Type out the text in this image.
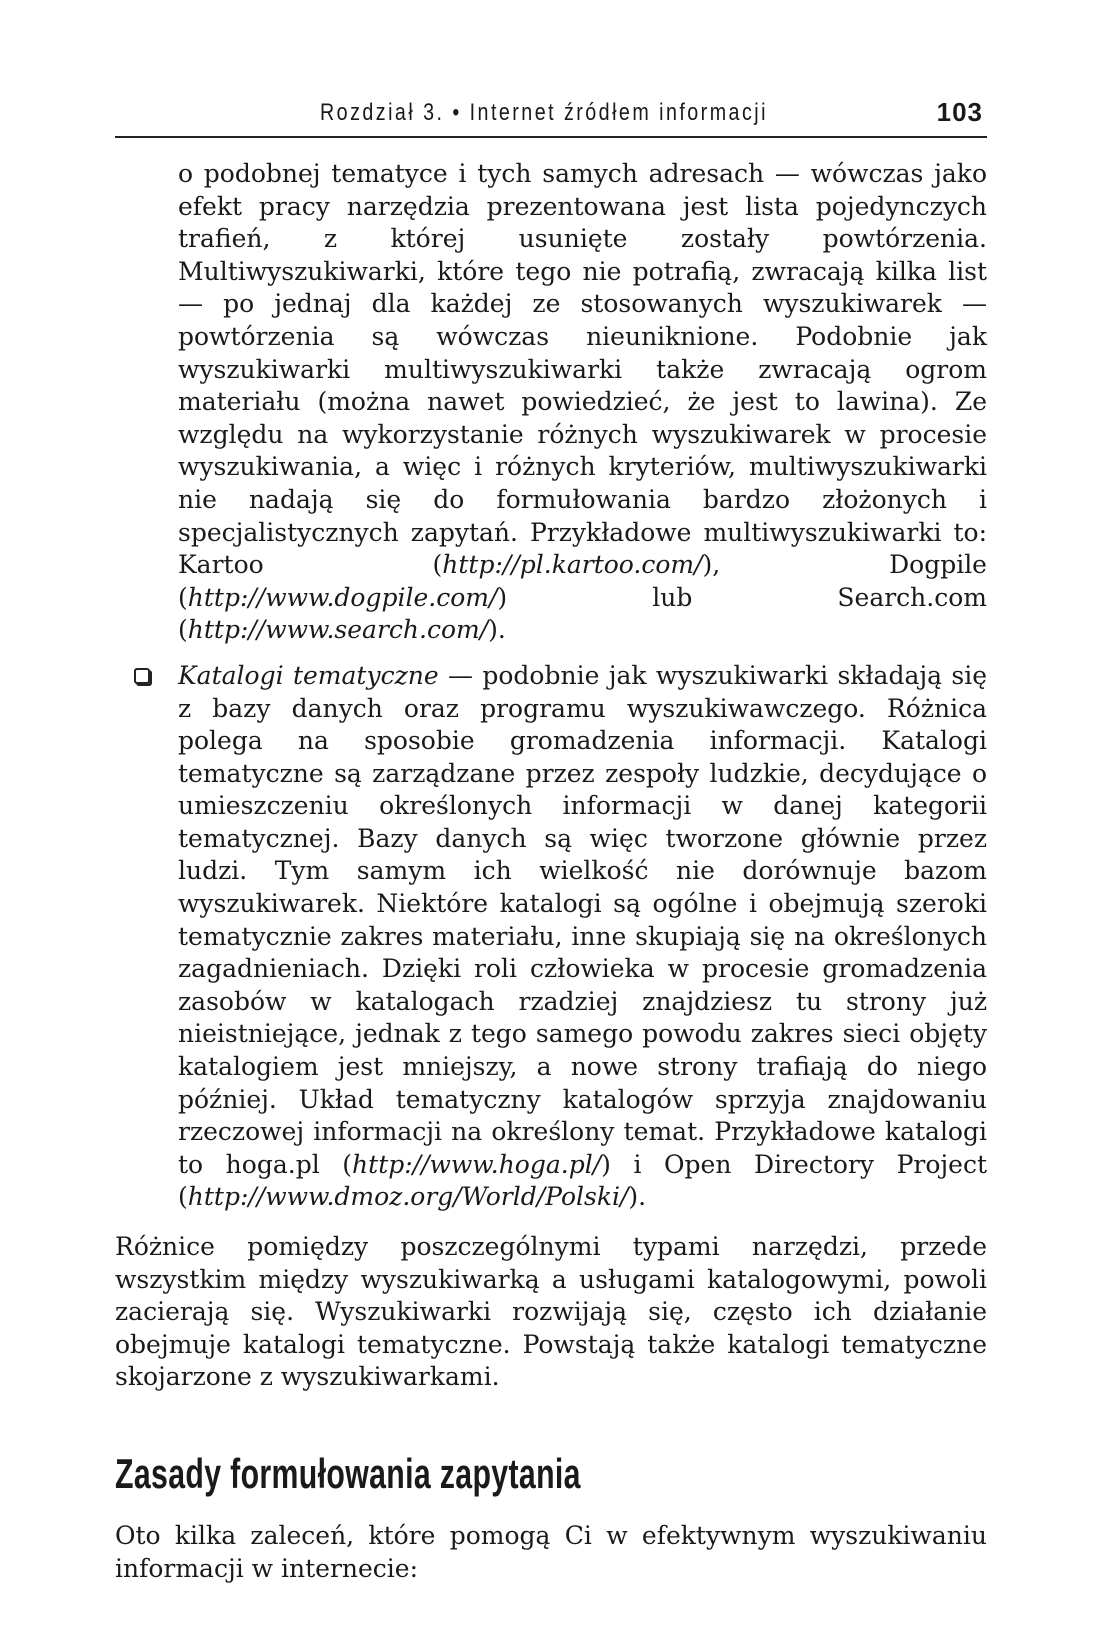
Rozdział 3. • Internet źródłem informacji	103

o podobnej tematyce i tych samych adresach — wówczas jako efekt pracy narzędzia prezentowana jest lista pojedynczych trafień, z której usunięte zostały powtórzenia. Multiwyszukiwarki, które tego nie potrafią, zwracają kilka list — po jednaj dla każdej ze stosowanych wyszukiwarek — powtórzenia są wówczas nieuniknione. Podobnie jak wyszukiwarki multiwyszukiwarki także zwracają ogrom materiału (można nawet powiedzieć, że jest to lawina). Ze względu na wykorzystanie różnych wyszukiwarek w procesie wyszukiwania, a więc i różnych kryteriów, multiwyszukiwarki nie nadają się do formułowania bardzo złożonych i specjalistycznych zapytań. Przykładowe multiwyszukiwarki to: Kartoo (http://pl.kartoo.com/), Dogpile (http://www.dogpile.com/) lub Search.com (http://www.search.com/).

Katalogi tematyczne — podobnie jak wyszukiwarki składają się z bazy danych oraz programu wyszukiwawczego. Różnica polega na sposobie gromadzenia informacji. Katalogi tematyczne są zarządzane przez zespoły ludzkie, decydujące o umieszczeniu określonych informacji w danej kategorii tematycznej. Bazy danych są więc tworzone głównie przez ludzi. Tym samym ich wielkość nie dorównuje bazom wyszukiwarek. Niektóre katalogi są ogólne i obejmują szeroki tematycznie zakres materiału, inne skupiają się na określonych zagadnieniach. Dzięki roli człowieka w procesie gromadzenia zasobów w katalogach rzadziej znajdziesz tu strony już nieistniejące, jednak z tego samego powodu zakres sieci objęty katalogiem jest mniejszy, a nowe strony trafiają do niego później. Układ tematyczny katalogów sprzyja znajdowaniu rzeczowej informacji na określony temat. Przykładowe katalogi to hoga.pl (http://www.hoga.pl/) i Open Directory Project (http://www.dmoz.org/World/Polski/).

Różnice pomiędzy poszczególnymi typami narzędzi, przede wszystkim między wyszukiwarką a usługami katalogowymi, powoli zacierają się. Wyszukiwarki rozwijają się, często ich działanie obejmuje katalogi tematyczne. Powstają także katalogi tematyczne skojarzone z wyszukiwarkami.

Zasady formułowania zapytania

Oto kilka zaleceń, które pomogą Ci w efektywnym wyszukiwaniu informacji w internecie:
